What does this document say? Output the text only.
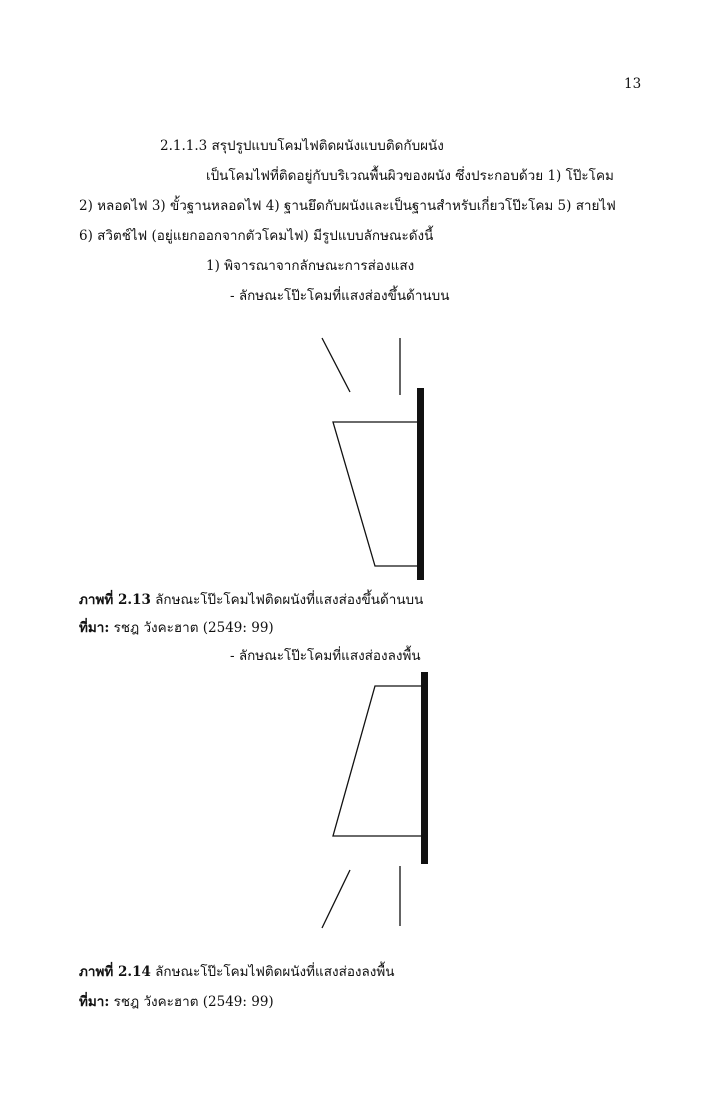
13
2.1.1.3 สรุปรูปแบบโคมไฟติดผนังแบบติดกับผนัง
เป็นโคมไฟที่ติดอยู่กับบริเวณพื้นผิวของผนัง ซึ่งประกอบด้วย 1) โป๊ะโคม
2) หลอดไฟ 3) ขั้วฐานหลอดไฟ 4) ฐานยึดกับผนังและเป็นฐานสำหรับเกี่ยวโป๊ะโคม 5) สายไฟ
6) สวิตช์ไฟ (อยู่แยกออกจากตัวโคมไฟ) มีรูปแบบลักษณะดังนี้
1) พิจารณาจากลักษณะการส่องแสง
- ลักษณะโป๊ะโคมที่แสงส่องขึ้นด้านบน
ภาพที่ 2.13 ลักษณะโป๊ะโคมไฟติดผนังที่แสงส่องขึ้นด้านบน
ที่มา: รชฎ วังคะฮาต (2549: 99)
- ลักษณะโป๊ะโคมที่แสงส่องลงพื้น
ภาพที่ 2.14 ลักษณะโป๊ะโคมไฟติดผนังที่แสงส่องลงพื้น
ที่มา: รชฎ วังคะฮาต (2549: 99)
